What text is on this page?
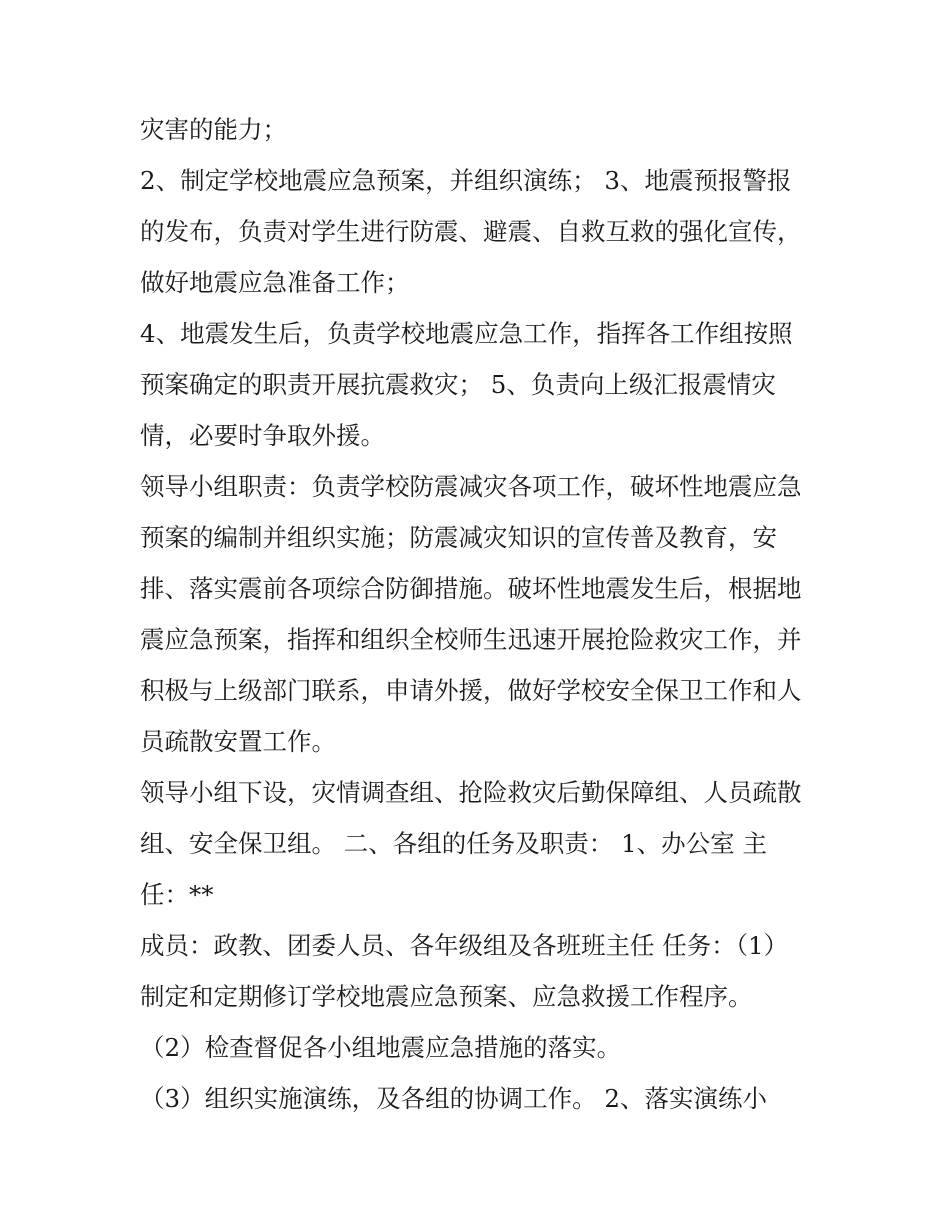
灾害的能力；
2、制定学校地震应急预案，并组织演练； 3、地震预报警报
的发布，负责对学生进行防震、避震、自救互救的强化宣传，
做好地震应急准备工作；
4、地震发生后，负责学校地震应急工作，指挥各工作组按照
预案确定的职责开展抗震救灾； 5、负责向上级汇报震情灾
情，必要时争取外援。
领导小组职责：负责学校防震减灾各项工作，破坏性地震应急
预案的编制并组织实施；防震减灾知识的宣传普及教育，安
排、落实震前各项综合防御措施。破坏性地震发生后，根据地
震应急预案，指挥和组织全校师生迅速开展抢险救灾工作，并
积极与上级部门联系，申请外援，做好学校安全保卫工作和人
员疏散安置工作。
领导小组下设，灾情调查组、抢险救灾后勤保障组、人员疏散
组、安全保卫组。 二、各组的任务及职责： 1、办公室 主
任：**
成员：政教、团委人员、各年级组及各班班主任 任务：（1）
制定和定期修订学校地震应急预案、应急救援工作程序。
（2）检查督促各小组地震应急措施的落实。
（3）组织实施演练，及各组的协调工作。 2、落实演练小
